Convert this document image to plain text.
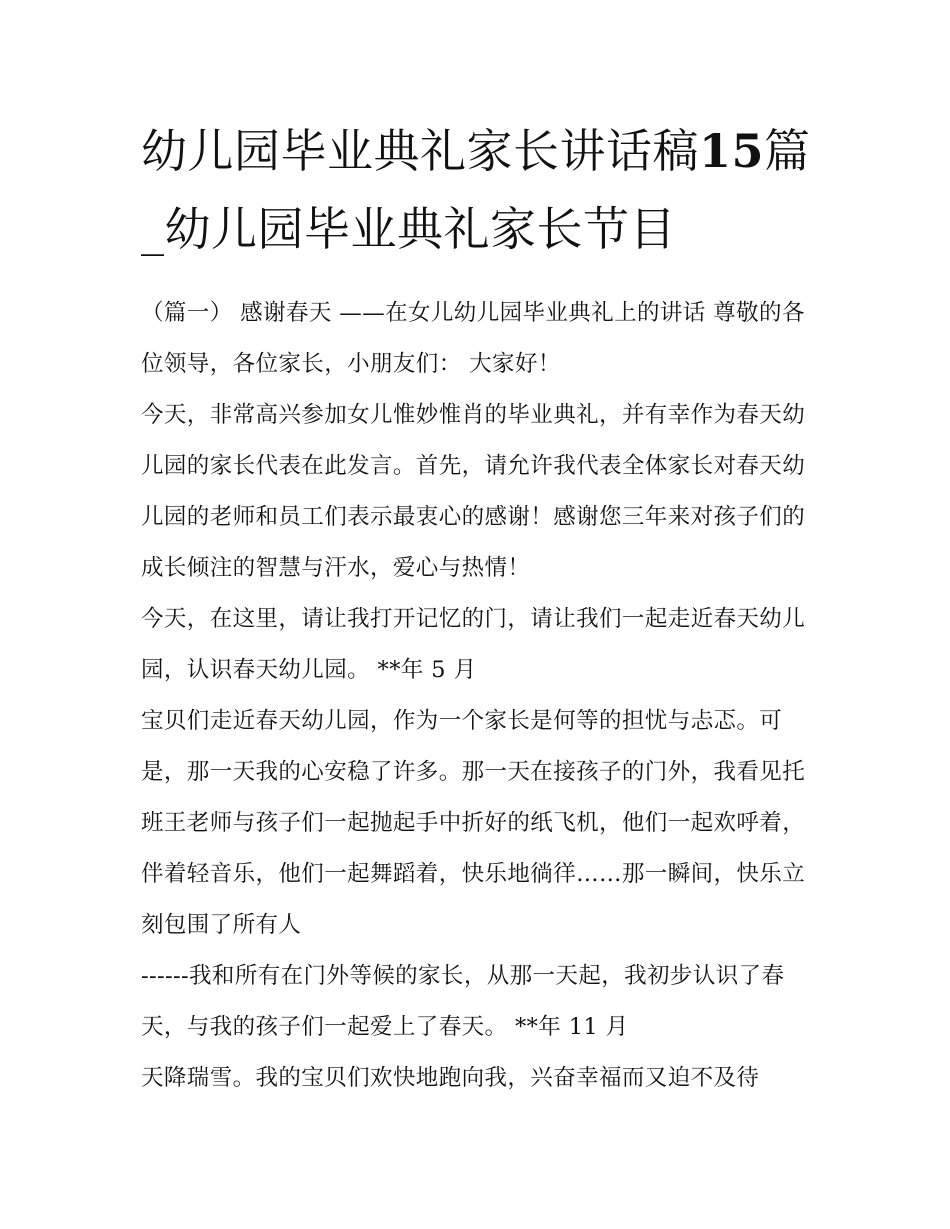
幼儿园毕业典礼家长讲话稿15篇_幼儿园毕业典礼家长节目

（篇一） 感谢春天 ——在女儿幼儿园毕业典礼上的讲话 尊敬的各位领导，各位家长，小朋友们： 大家好！

今天，非常高兴参加女儿惟妙惟肖的毕业典礼，并有幸作为春天幼儿园的家长代表在此发言。首先，请允许我代表全体家长对春天幼儿园的老师和员工们表示最衷心的感谢！感谢您三年来对孩子们的成长倾注的智慧与汗水，爱心与热情！

今天，在这里，请让我打开记忆的门，请让我们一起走近春天幼儿园，认识春天幼儿园。 **年 5 月

宝贝们走近春天幼儿园，作为一个家长是何等的担忧与忐忑。可是，那一天我的心安稳了许多。那一天在接孩子的门外，我看见托班王老师与孩子们一起抛起手中折好的纸飞机，他们一起欢呼着，伴着轻音乐，他们一起舞蹈着，快乐地徜徉……那一瞬间，快乐立刻包围了所有人

------我和所有在门外等候的家长，从那一天起，我初步认识了春天，与我的孩子们一起爱上了春天。 **年 11 月

天降瑞雪。我的宝贝们欢快地跑向我，兴奋幸福而又迫不及待
